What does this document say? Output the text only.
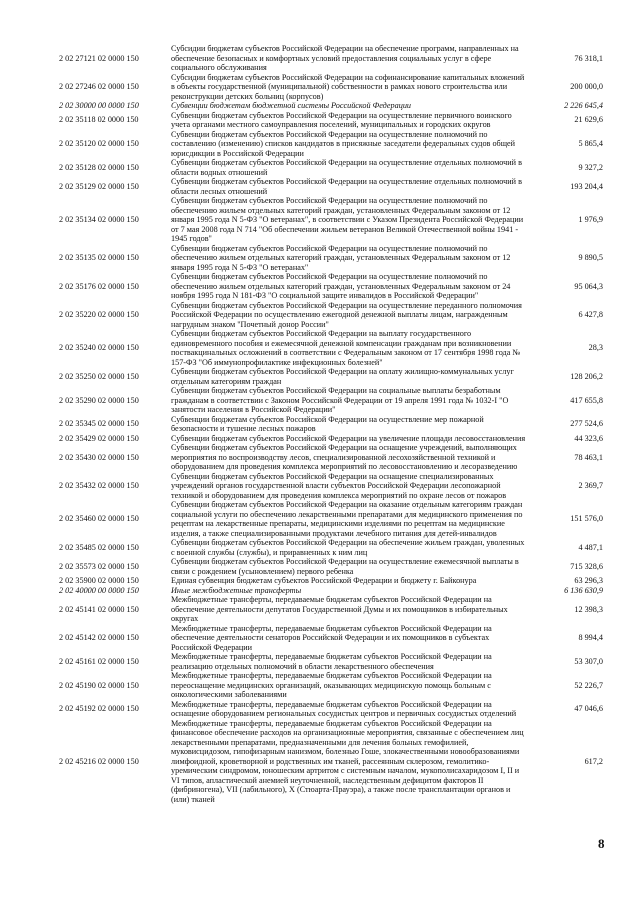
2 02 27121 02 0000 150
Субсидии бюджетам субъектов Российской Федерации на обеспечение программ, направленных на
обеспечение безопасных и комфортных условий предоставления социальных услуг в сфере
социального обслуживания
76 318,1
2 02 27246 02 0000 150
Субсидии бюджетам субъектов Российской Федерации на софинансирование капитальных вложений
в объекты государственной (муниципальной) собственности в рамках нового строительства или
реконструкции детских больниц (корпусов)
200 000,0
2 02 30000 00 0000 150	Субвенции бюджетам бюджетной системы Российской Федерации	2 226 645,4
2 02 35118 02 0000 150
Субвенции бюджетам субъектов Российской Федерации на осуществление первичного воинского
учета органами местного самоуправления поселений, муниципальных и городских округов
21 629,6
2 02 35120 02 0000 150
Субвенции бюджетам субъектов Российской Федерации на осуществление полномочий по
составлению (изменению) списков кандидатов в присяжные заседатели федеральных судов общей
юрисдикции в Российской Федерации
5 865,4
2 02 35128 02 0000 150
Субвенции бюджетам субъектов Российской Федерации на осуществление отдельных полномочий в
области водных отношений
9 327,2
2 02 35129 02 0000 150
Субвенции бюджетам субъектов Российской Федерации на осуществление отдельных полномочий в
области лесных отношений
193 204,4
2 02 35134 02 0000 150
Субвенции бюджетам субъектов Российской Федерации на осуществление полномочий по
обеспечению жильем отдельных категорий граждан, установленных Федеральным законом от 12
января 1995 года N 5-ФЗ "О ветеранах", в соответствии с Указом Президента Российской Федерации
от 7 мая 2008 года N 714 "Об обеспечении жильем ветеранов Великой Отечественной войны 1941 -
1945 годов"
1 976,9
2 02 35135 02 0000 150
Субвенции бюджетам субъектов Российской Федерации на осуществление полномочий по
обеспечению жильем отдельных категорий граждан, установленных Федеральным законом от 12
января 1995 года N 5-ФЗ "О ветеранах"
9 890,5
2 02 35176 02 0000 150
Субвенции бюджетам субъектов Российской Федерации на осуществление полномочий по
обеспечению жильем отдельных категорий граждан, установленных Федеральным законом от 24
ноября 1995 года N 181-ФЗ "О социальной защите инвалидов в Российской Федерации"
95 064,3
2 02 35220 02 0000 150
Субвенции бюджетам субъектов Российской Федерации на осуществление переданного полномочия
Российской Федерации по осуществлению ежегодной денежной выплаты лицам, награжденным
нагрудным знаком "Почетный донор России"
6 427,8
2 02 35240 02 0000 150
Субвенции бюджетам субъектов Российской Федерации на выплату государственного
единовременного пособия и ежемесячной денежной компенсации гражданам при возникновении
поствакцинальных осложнений в соответствии с Федеральным законом от 17 сентября 1998 года №
157-ФЗ "Об иммунопрофилактике инфекционных болезней"
28,3
2 02 35250 02 0000 150
Субвенции бюджетам субъектов Российской Федерации на оплату жилищно-коммунальных услуг
отдельным категориям граждан
128 206,2
2 02 35290 02 0000 150
Субвенции бюджетам субъектов Российской Федерации на социальные выплаты безработным
гражданам в соответствии с Законом Российской Федерации от 19 апреля 1991 года № 1032-I "О
занятости населения в Российской Федерации"
417 655,8
2 02 35345 02 0000 150
Субвенции бюджетам субъектов Российской Федерации на осуществление мер пожарной
безопасности и тушение лесных пожаров
277 524,6
2 02 35429 02 0000 150	Субвенции бюджетам субъектов Российской Федерации на увеличение площади лесовосстановления	44 323,6
2 02 35430 02 0000 150
Субвенции бюджетам субъектов Российской Федерации на оснащение учреждений, выполняющих
мероприятия по воспроизводству лесов, специализированной лесохозяйственной техникой и
оборудованием для проведения комплекса мероприятий по лесовосстановлению и лесоразведению
78 463,1
2 02 35432 02 0000 150
Субвенции бюджетам субъектов Российской Федерации на оснащение специализированных
учреждений органов государственной власти субъектов Российской Федерации лесопожарной
техникой и оборудованием для проведения комплекса мероприятий по охране лесов от пожаров
2 369,7
2 02 35460 02 0000 150
Субвенции бюджетам субъектов Российской Федерации на оказание отдельным категориям граждан
социальной услуги по обеспечению лекарственными препаратами для медицинского применения по
рецептам на лекарственные препараты, медицинскими изделиями по рецептам на медицинские
изделия, а также специализированными продуктами лечебного питания для детей-инвалидов
151 576,0
2 02 35485 02 0000 150
Субвенции бюджетам субъектов Российской Федерации на обеспечение жильем граждан, уволенных
с военной службы (службы), и приравненных к ним лиц
4 487,1
2 02 35573 02 0000 150
Субвенции бюджетам субъектов Российской Федерации на осуществление ежемесячной выплаты в
связи с рождением (усыновлением) первого ребенка
715 328,6
2 02 35900 02 0000 150	Единая субвенция бюджетам субъектов Российской Федерации и бюджету г. Байконура	63 296,3
2 02 40000 00 0000 150	Иные межбюджетные трансферты	6 136 630,9
2 02 45141 02 0000 150
Межбюджетные трансферты, передаваемые бюджетам субъектов Российской Федерации на
обеспечение деятельности депутатов Государственной Думы и их помощников в избирательных
округах
12 398,3
2 02 45142 02 0000 150
Межбюджетные трансферты, передаваемые бюджетам субъектов Российской Федерации на
обеспечение деятельности сенаторов Российской Федерации и их помощников в субъектах
Российской Федерации
8 994,4
2 02 45161 02 0000 150
Межбюджетные трансферты, передаваемые бюджетам субъектов Российской Федерации на
реализацию отдельных полномочий в области лекарственного обеспечения
53 307,0
2 02 45190 02 0000 150
Межбюджетные трансферты, передаваемые бюджетам субъектов Российской Федерации на
переоснащение медицинских организаций, оказывающих медицинскую помощь больным с
онкологическими заболеваниями
52 226,7
2 02 45192 02 0000 150
Межбюджетные трансферты, передаваемые бюджетам субъектов Российской Федерации на
оснащение оборудованием региональных сосудистых центров и первичных сосудистых отделений
47 046,6
2 02 45216 02 0000 150
Межбюджетные трансферты, передаваемые бюджетам субъектов Российской Федерации на
финансовое обеспечение расходов на организационные мероприятия, связанные с обеспечением лиц
лекарственными препаратами, предназначенными для лечения больных гемофилией,
муковисцидозом, гипофизарным нанизмом, болезнью Гоше, злокачественными новообразованиями
лимфоидной, кроветворной и родственных им тканей, рассеянным склерозом, гемолитико-
уремическим синдромом, юношеским артритом с системным началом, мукополисахаридозом I, II и
VI типов, апластической анемией неуточненной, наследственным дефицитом факторов II
(фибриногена), VII (лабильного), X (Стюарта-Прауэра), а также после трансплантации органов и
(или) тканей
617,2
8
